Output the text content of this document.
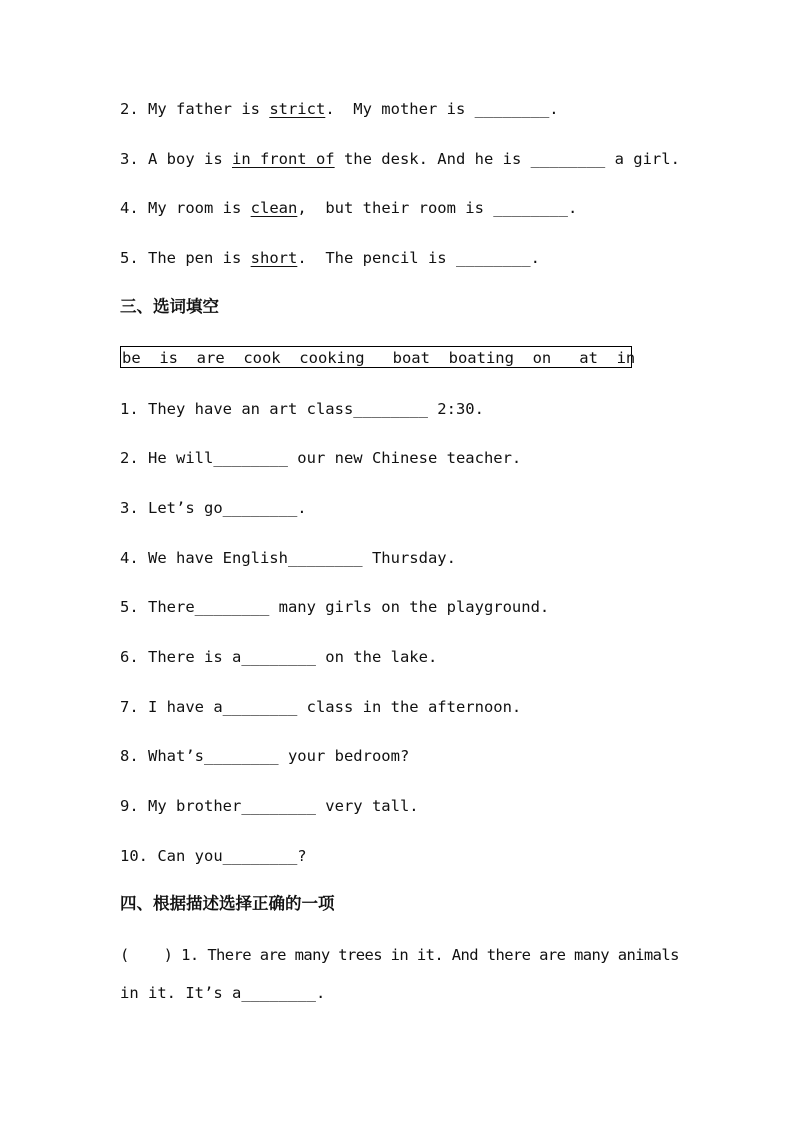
2. My father is strict.  My mother is ________.
3. A boy is in front of the desk. And he is ________ a girl.
4. My room is clean,  but their room is ________.
5. The pen is short.  The pencil is ________.
三、选词填空
be  is  are  cook  cooking   boat  boating  on   at  in
1. They have an art class________ 2:30.
2. He will________ our new Chinese teacher.
3. Let’s go________.
4. We have English________ Thursday.
5. There________ many girls on the playground.
6. There is a________ on the lake.
7. I have a________ class in the afternoon.
8. What’s________ your bedroom?
9. My brother________ very tall.
10. Can you________?
四、根据描述选择正确的一项
(    ) 1. There are many trees in it. And there are many animals
in it. It’s a________.
